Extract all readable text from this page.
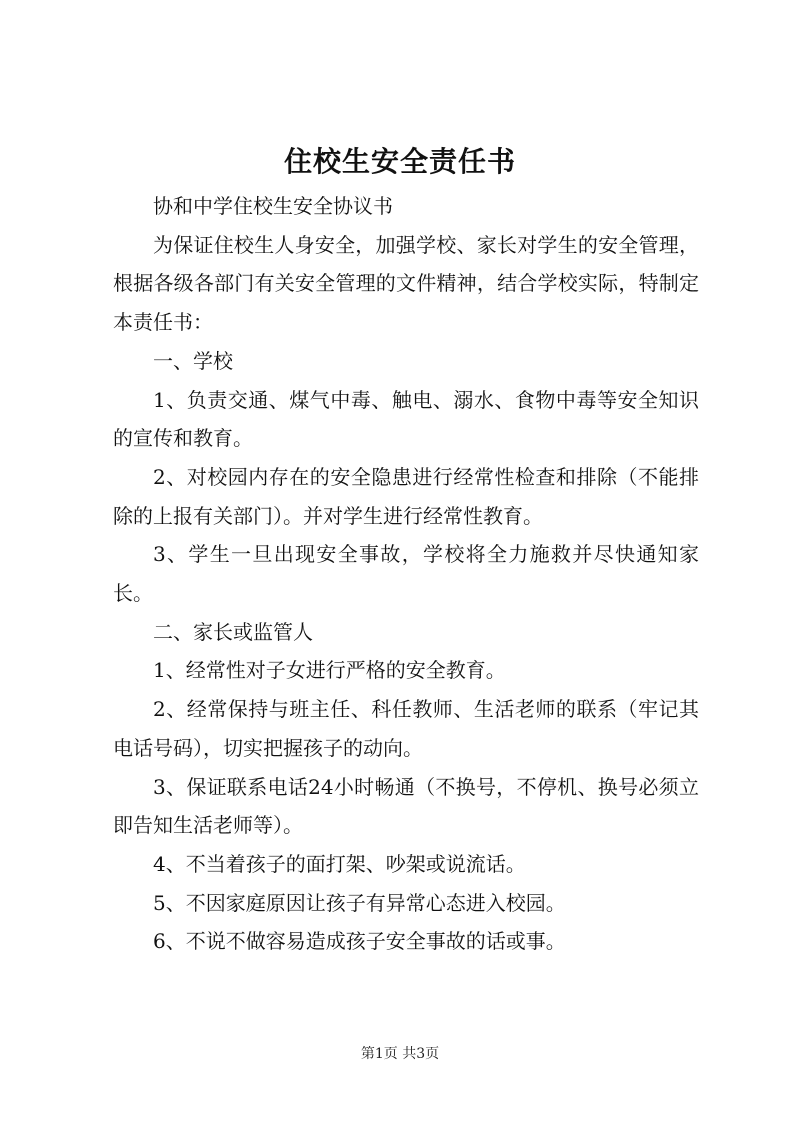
住校生安全责任书

协和中学住校生安全协议书

为保证住校生人身安全，加强学校、家长对学生的安全管理，根据各级各部门有关安全管理的文件精神，结合学校实际，特制定本责任书：

一、学校

1、负责交通、煤气中毒、触电、溺水、食物中毒等安全知识的宣传和教育。

2、对校园内存在的安全隐患进行经常性检查和排除（不能排除的上报有关部门）。并对学生进行经常性教育。

3、学生一旦出现安全事故，学校将全力施救并尽快通知家长。

二、家长或监管人

1、经常性对子女进行严格的安全教育。

2、经常保持与班主任、科任教师、生活老师的联系（牢记其电话号码），切实把握孩子的动向。

3、保证联系电话24小时畅通（不换号，不停机、换号必须立即告知生活老师等）。

4、不当着孩子的面打架、吵架或说流话。

5、不因家庭原因让孩子有异常心态进入校园。

6、不说不做容易造成孩子安全事故的话或事。

第1页 共3页
